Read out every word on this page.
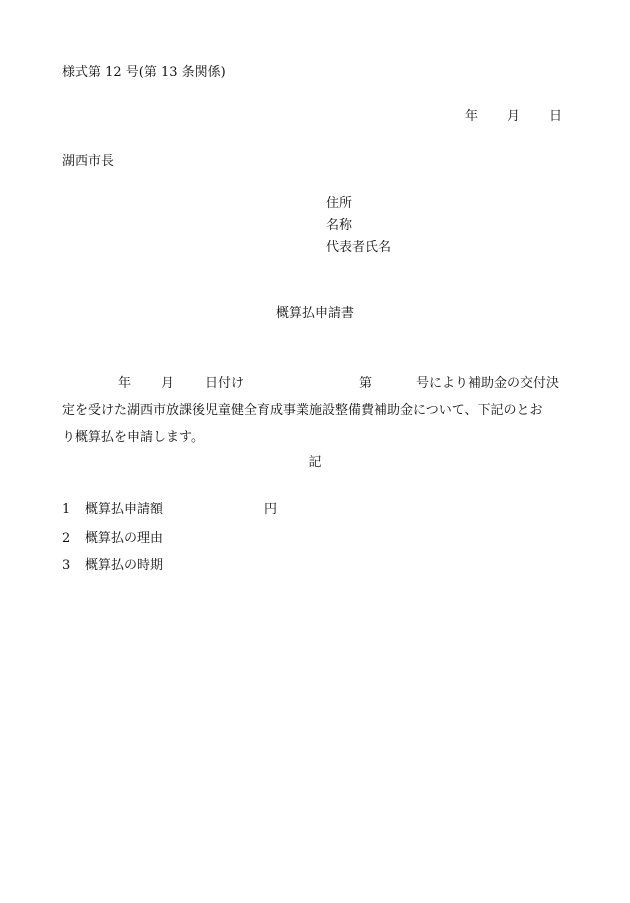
様式第 12 号(第 13 条関係)
年 月 日
湖西市長
住所
名称
代表者氏名
概算払申請書
年 月 日付け	第	号により補助金の交付決
定を受けた湖西市放課後児童健全育成事業施設整備費補助金について、下記のとお
り概算払を申請します。
記
1 概算払申請額	円
2 概算払の理由
3 概算払の時期
